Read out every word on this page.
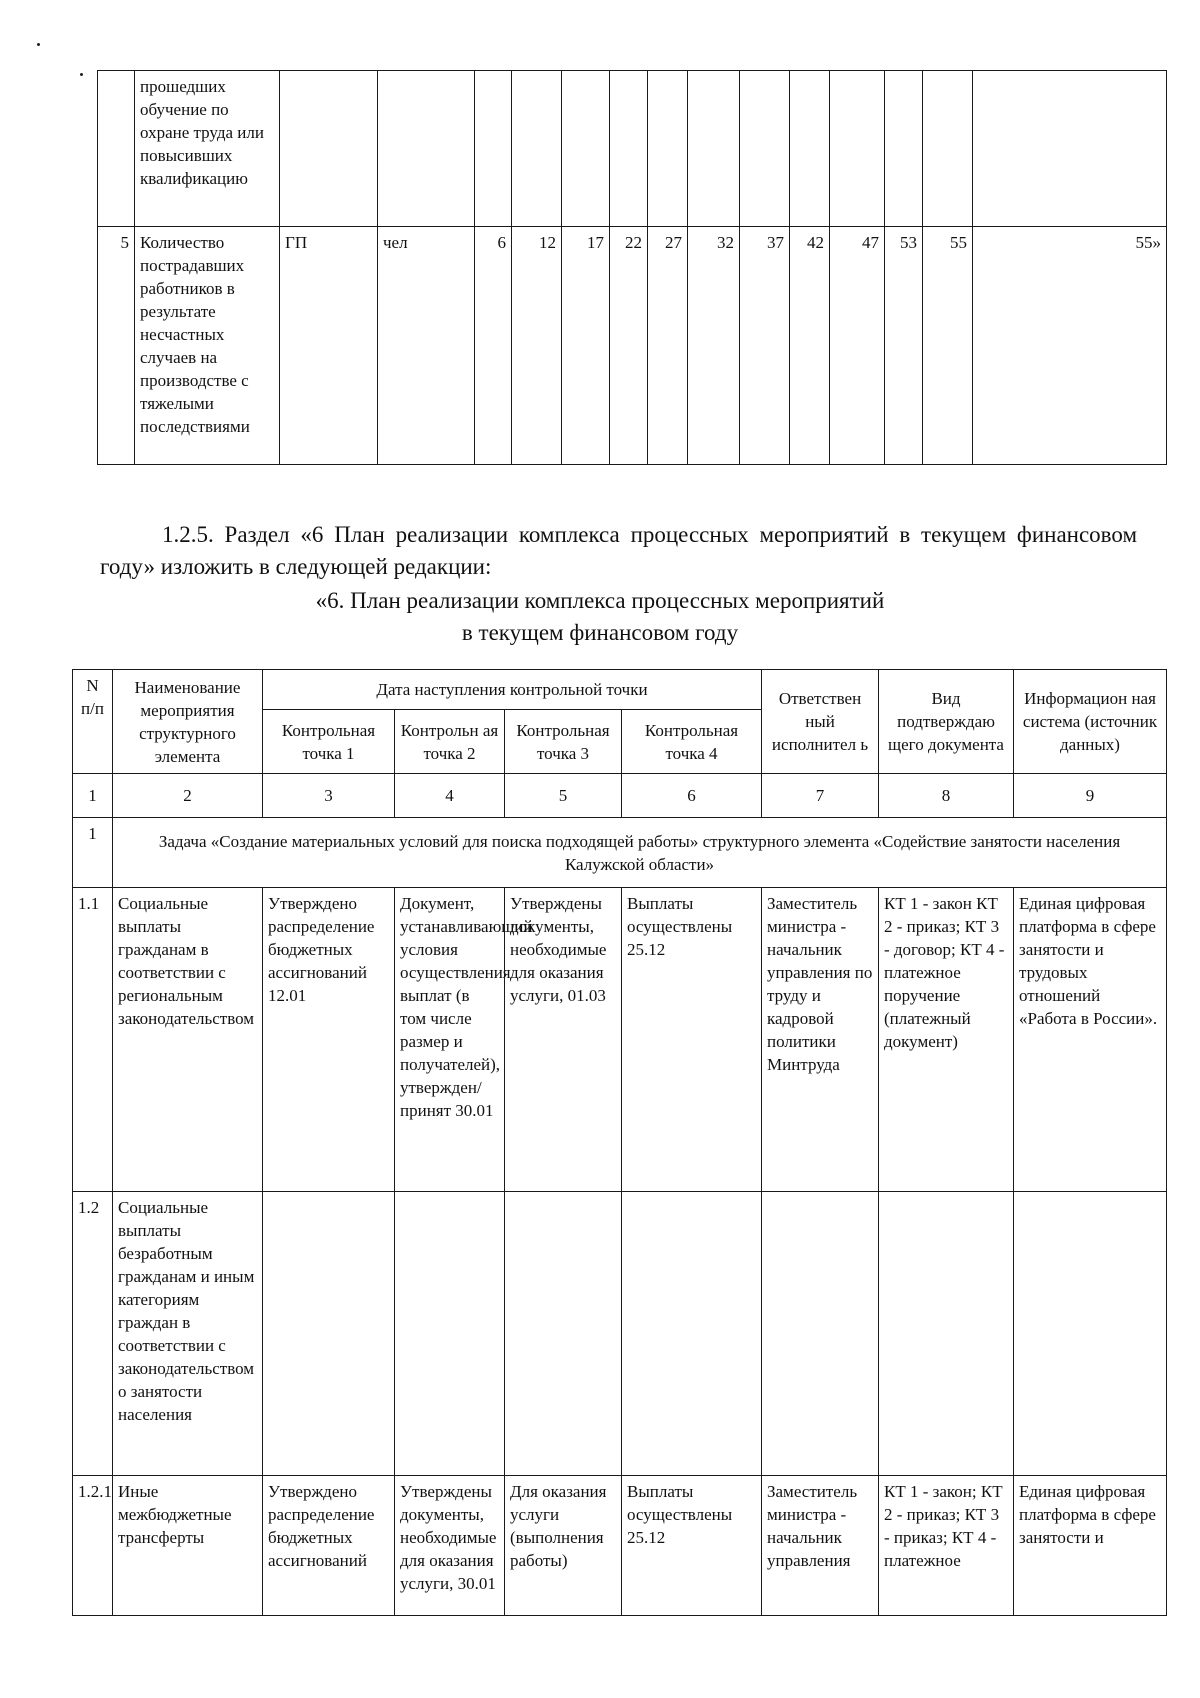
	прошедших обучение по охране труда или повысивших квалификацию														
5	Количество пострадавших работников в результате несчастных случаев на производстве с тяжелыми последствиями	ГП	чел	6	12	17	22	27	32	37	42	47	53	55	55»

1.2.5. Раздел «6 План реализации комплекса процессных мероприятий в текущем финансовом году» изложить в следующей редакции:

«6. План реализации комплекса процессных мероприятий
в текущем финансовом году
N п/п	Наименование мероприятия структурного элемента	Дата наступления контрольной точки				Ответствен ный исполнител ь	Вид подтверждаю щего документа	Информацион ная система (источник данных)
		Контрольная точка 1	Контрольн ая точка 2	Контрольная точка 3	Контрольная точка 4			
1	2	3	4	5	6	7	8	9
1	Задача «Создание материальных условий для поиска подходящей работы» структурного элемента «Содействие занятости населения Калужской области»							
1.1	Социальные выплаты гражданам в соответствии с региональным законодательством	Утверждено распределение бюджетных ассигнований 12.01	Документ, устанавливающий условия осуществления выплат (в том числе размер и получателей), утвержден/принят 30.01	Утверждены документы, необходимые для оказания услуги, 01.03	Выплаты осуществлены 25.12	Заместитель министра - начальник управления по труду и кадровой политики Минтруда	КТ 1 - закон КТ 2 - приказ; КТ 3 - договор; КТ 4 - платежное поручение (платежный документ)	Единая цифровая платформа в сфере занятости и трудовых отношений «Работа в России».
1.2	Социальные выплаты безработным гражданам и иным категориям граждан в соответствии с законодательством о занятости населения							
1.2.1	Иные межбюджетные трансферты	Утверждено распределение бюджетных ассигнований	Утверждены документы, необходимые для оказания услуги, 30.01	Для оказания услуги (выполнения работы)	Выплаты осуществлены 25.12	Заместитель министра - начальник управления	КТ 1 - закон; КТ 2 - приказ; КТ 3 - приказ; КТ 4 - платежное	Единая цифровая платформа в сфере занятости и
